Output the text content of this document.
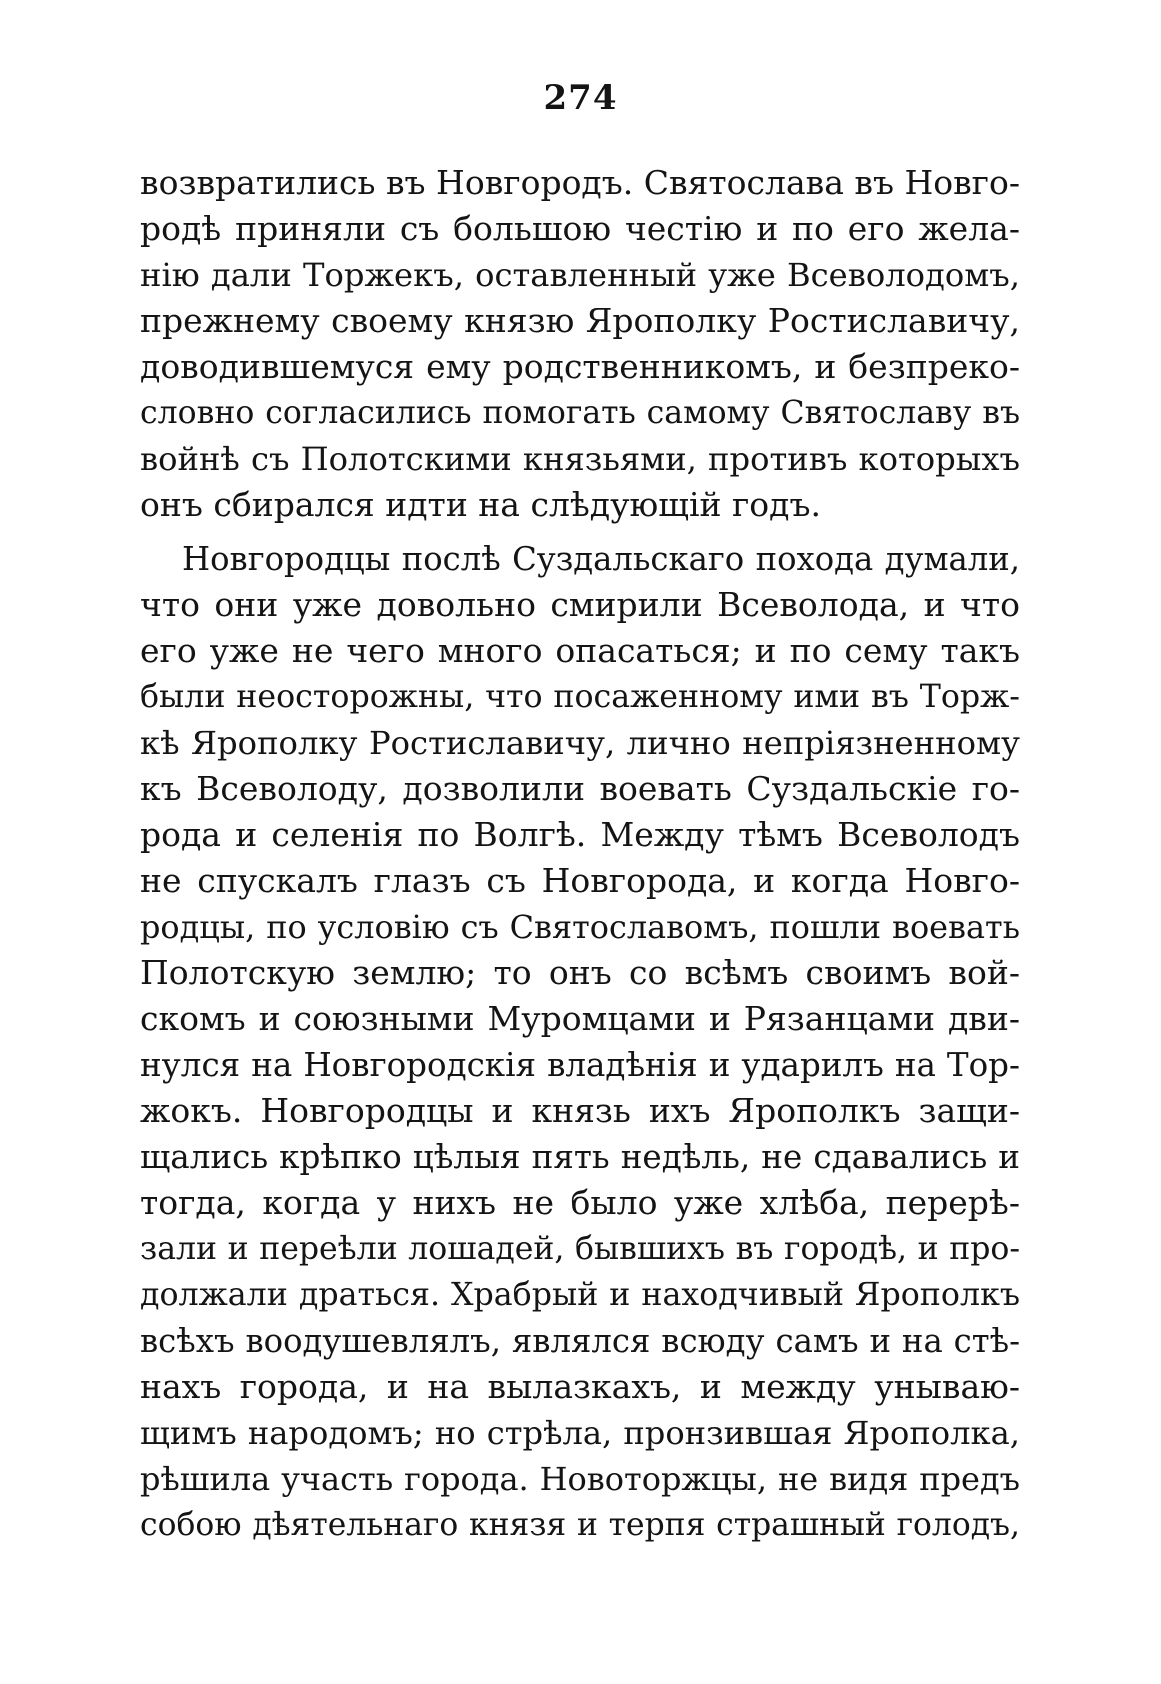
274
возвратились въ Новгородъ. Святослава въ Новго-
родѣ приняли съ большою честію и по его жела-
нію дали Торжекъ, оставленный уже Всеволодомъ,
прежнему своему князю Ярополку Ростиславичу,
доводившемуся ему родственникомъ, и безпреко-
словно согласились помогать самому Святославу въ
войнѣ съ Полотскими князьями, противъ которыхъ
онъ сбирался идти на слѣдующій годъ.
Новгородцы послѣ Суздальскаго похода думали,
что они уже довольно смирили Всеволода, и что
его уже не чего много опасаться; и по сему такъ
были неосторожны, что посаженному ими въ Торж-
кѣ Ярополку Ростиславичу, лично непріязненному
къ Всеволоду, дозволили воевать Суздальскіе го-
рода и селенія по Волгѣ. Между тѣмъ Всеволодъ
не спускалъ глазъ съ Новгорода, и когда Новго-
родцы, по условію съ Святославомъ, пошли воевать
Полотскую землю; то онъ со всѣмъ своимъ вой-
скомъ и союзными Муромцами и Рязанцами дви-
нулся на Новгородскія владѣнія и ударилъ на Тор-
жокъ. Новгородцы и князь ихъ Ярополкъ защи-
щались крѣпко цѣлыя пять недѣль, не сдавались и
тогда, когда у нихъ не было уже хлѣба, перерѣ-
зали и переѣли лошадей, бывшихъ въ городѣ, и про-
должали драться. Храбрый и находчивый Ярополкъ
всѣхъ воодушевлялъ, являлся всюду самъ и на стѣ-
нахъ города, и на вылазкахъ, и между унываю-
щимъ народомъ; но стрѣла, пронзившая Ярополка,
рѣшила участь города. Новоторжцы, не видя предъ
собою дѣятельнаго князя и терпя страшный голодъ,
